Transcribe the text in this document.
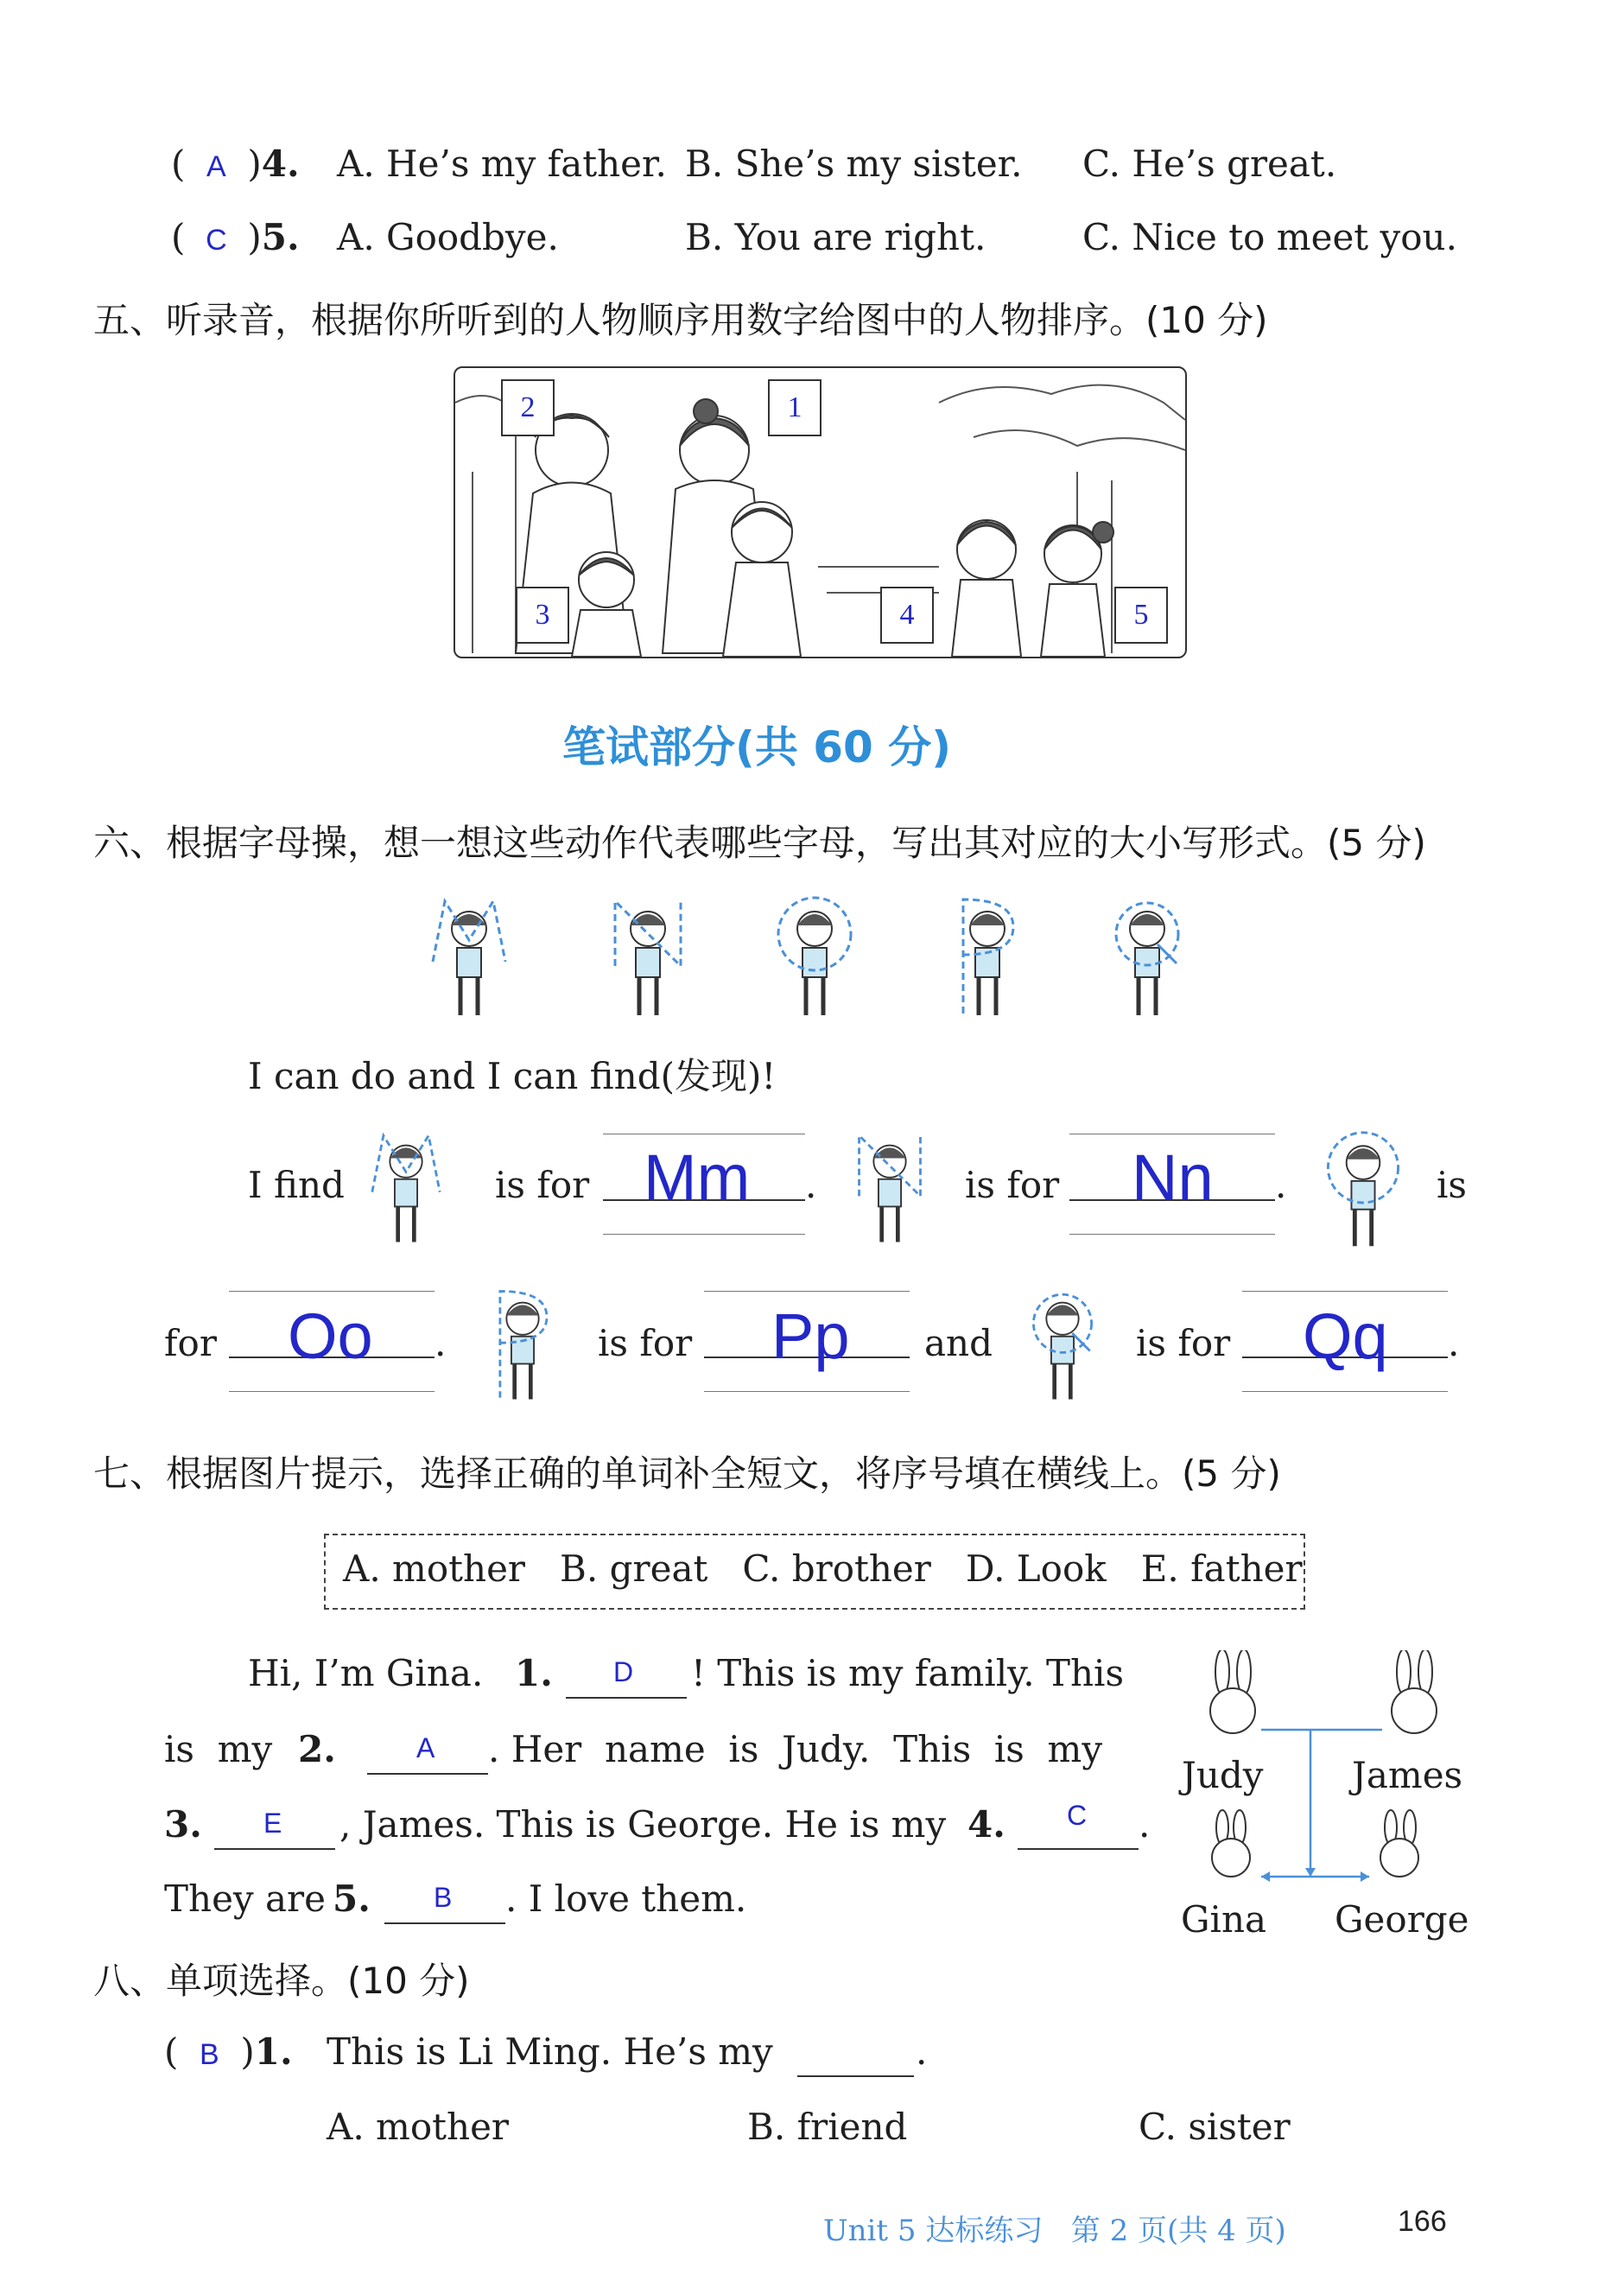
( A )4. A. He’s my father. B. She’s my sister. C. He’s great.
( C )5. A. Goodbye.	B. You are right.	C. Nice to meet you.
五、听录音，根据你所听到的人物顺序用数字给图中的人物排序。(10 分)
2	1
3	4	5
笔试部分(共 60 分)
六、根据字母操，想一想这些动作代表哪些字母，写出其对应的大小写形式。(5 分)
I can do and I can find(发现)!
I find	is for Mm .	is for Nn .	is
for Oo .	is for Pp and	is for Qq .
七、根据图片提示，选择正确的单词补全短文，将序号填在横线上。(5 分)
A. mother   B. great   C. brother   D. Look   E. father
Hi, I’m Gina. 1. D ! This is my family. This
is  my 2.	A . Her  name  is  Judy.  This  is  my
3. E , James. This is George. He is my 4. C .
They are 5. B . I love them.
Judy James
Gina George
八、单项选择。(10 分)
( B )1. This is Li Ming. He’s my	.
A. mother	B. friend	C. sister
Unit 5 达标练习   第 2 页(共 4 页)	166
